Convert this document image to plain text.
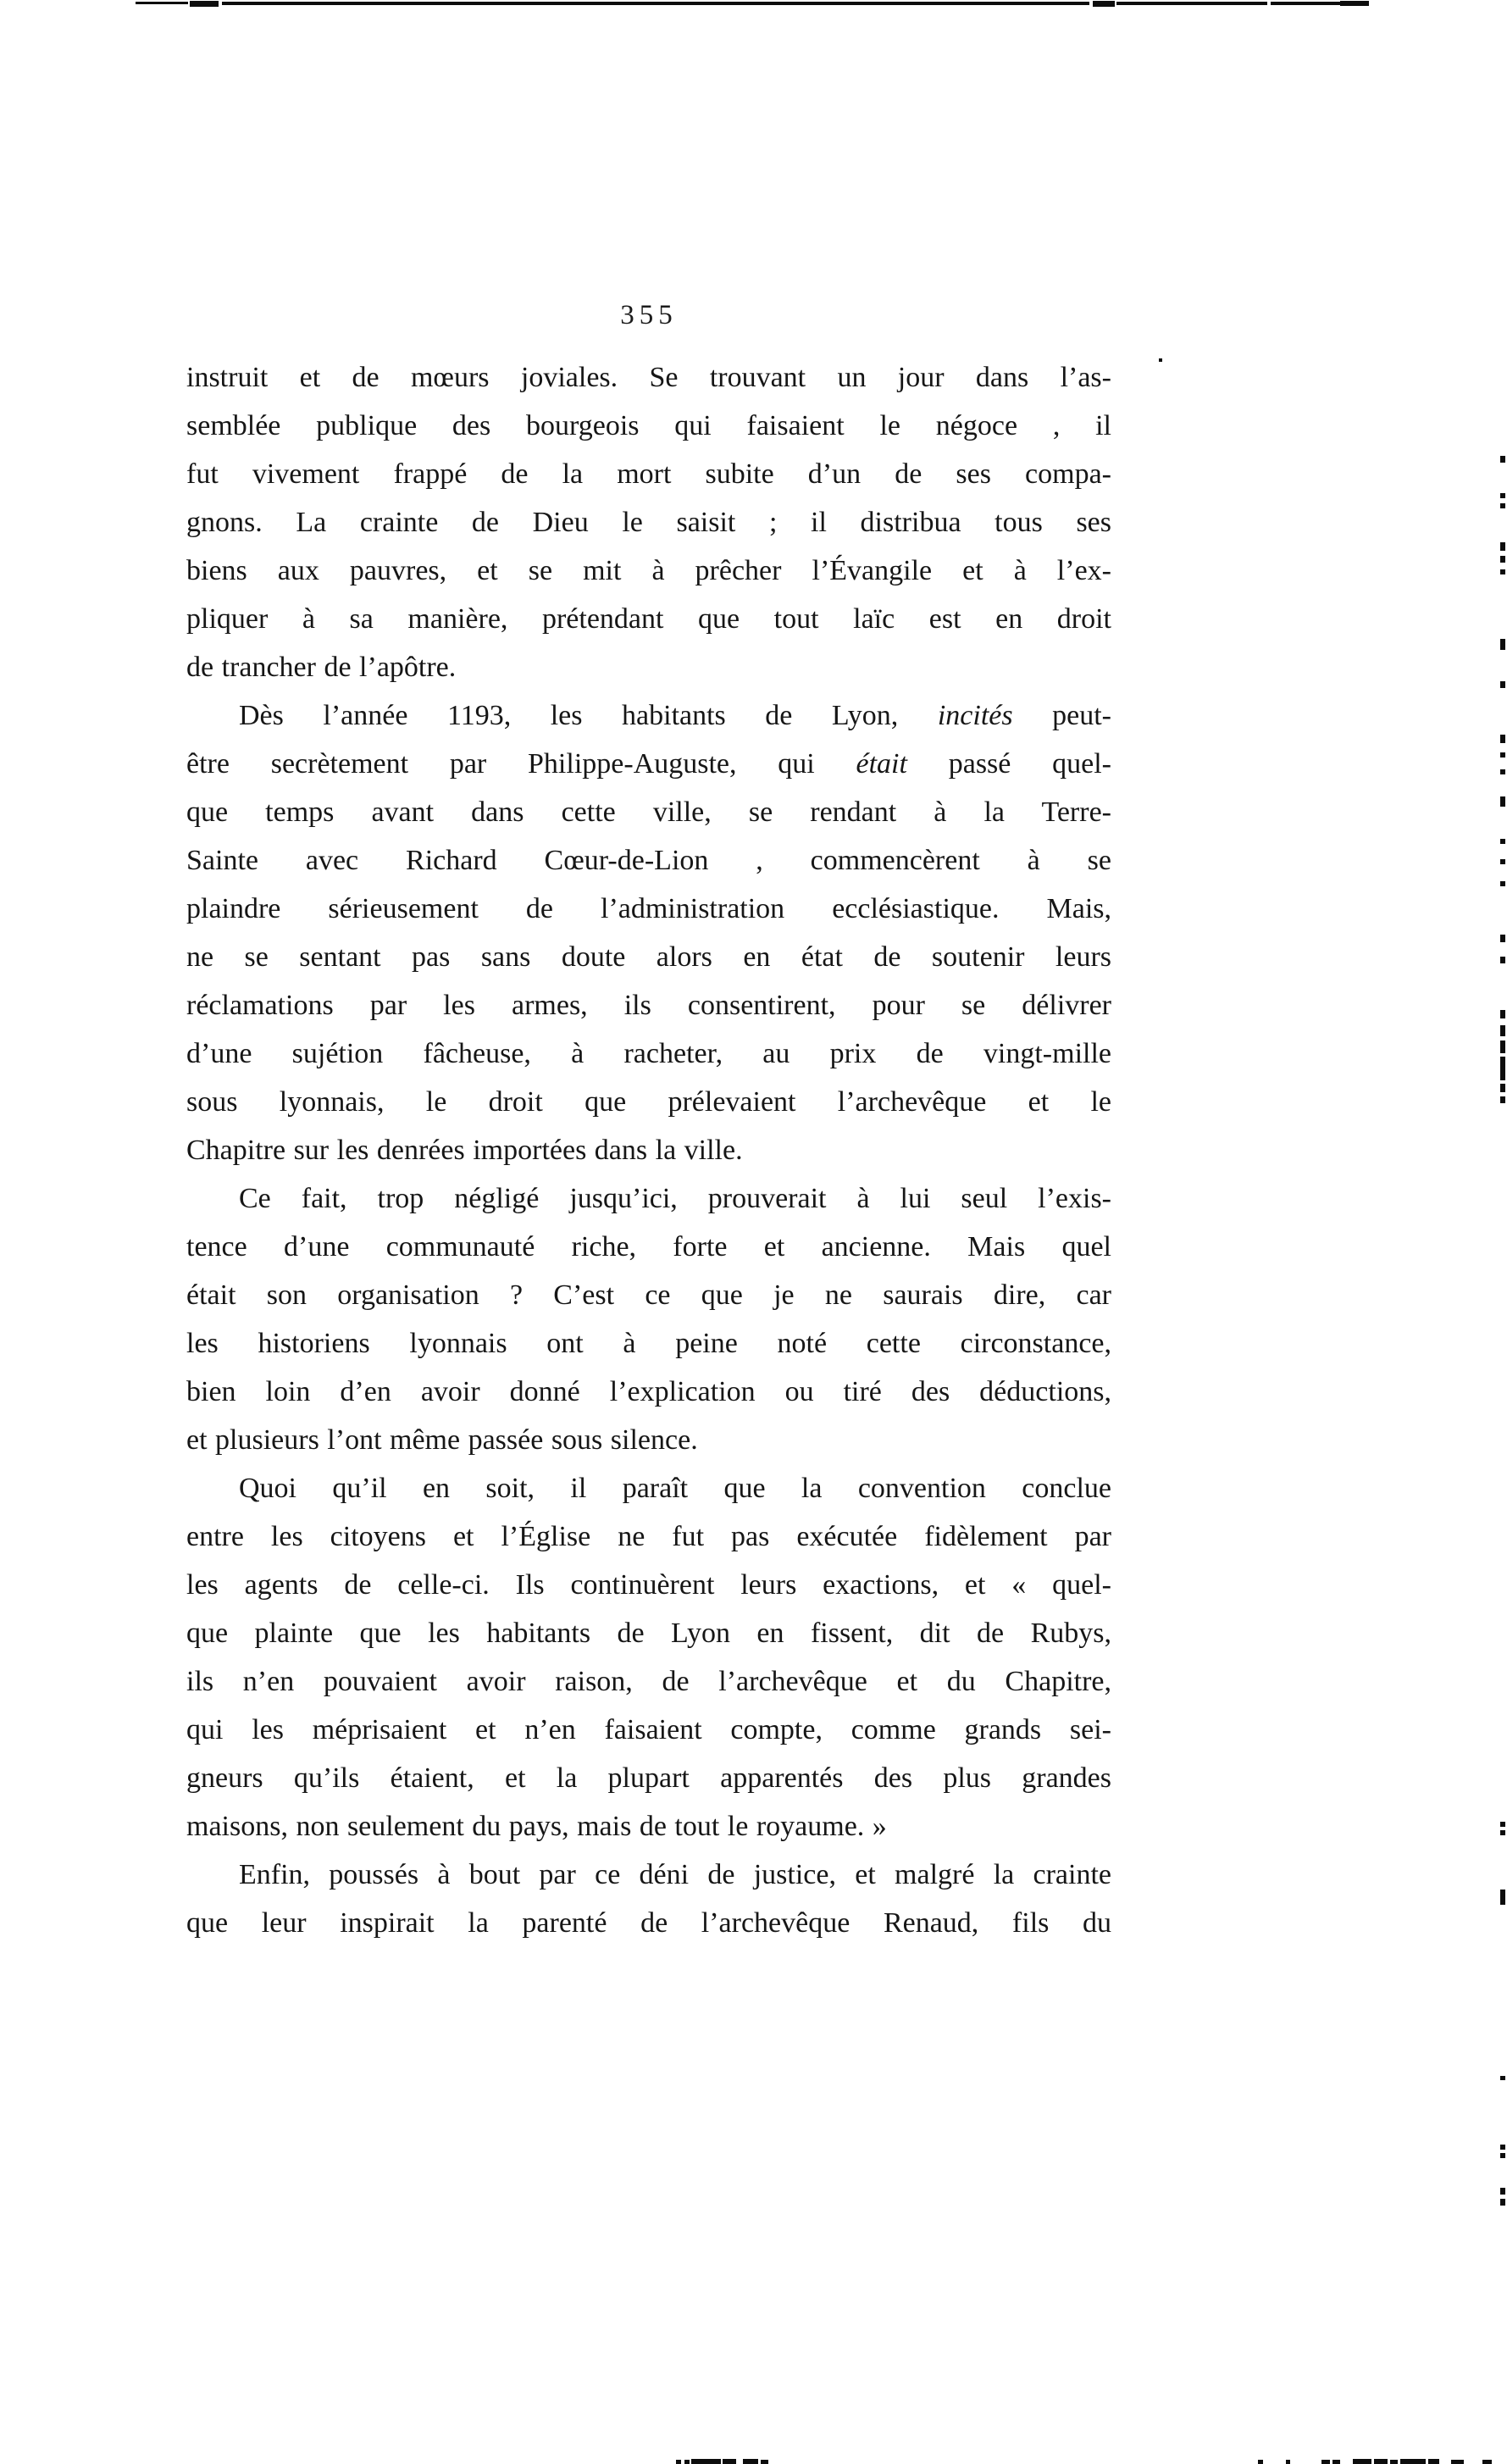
355
instruit et de mœurs joviales. Se trouvant un jour dans l’as-
semblée publique des bourgeois qui faisaient le négoce , il
fut vivement frappé de la mort subite d’un de ses compa-
gnons. La crainte de Dieu le saisit ; il distribua tous ses
biens aux pauvres, et se mit à prêcher l’Évangile et à l’ex-
pliquer à sa manière, prétendant que tout laïc est en droit
de trancher de l’apôtre.
Dès l’année 1193, les habitants de Lyon, incités peut-
être secrètement par Philippe-Auguste, qui était passé quel-
que temps avant dans cette ville, se rendant à la Terre-
Sainte avec Richard Cœur-de-Lion , commencèrent à se
plaindre sérieusement de l’administration ecclésiastique. Mais,
ne se sentant pas sans doute alors en état de soutenir leurs
réclamations par les armes, ils consentirent, pour se délivrer
d’une sujétion fâcheuse, à racheter, au prix de vingt-mille
sous lyonnais, le droit que prélevaient l’archevêque et le
Chapitre sur les denrées importées dans la ville.
Ce fait, trop négligé jusqu’ici, prouverait à lui seul l’exis-
tence d’une communauté riche, forte et ancienne. Mais quel
était son organisation ? C’est ce que je ne saurais dire, car
les historiens lyonnais ont à peine noté cette circonstance,
bien loin d’en avoir donné l’explication ou tiré des déductions,
et plusieurs l’ont même passée sous silence.
Quoi qu’il en soit, il paraît que la convention conclue
entre les citoyens et l’Église ne fut pas exécutée fidèlement par
les agents de celle-ci. Ils continuèrent leurs exactions, et « quel-
que plainte que les habitants de Lyon en fissent, dit de Rubys,
ils n’en pouvaient avoir raison, de l’archevêque et du Chapitre,
qui les méprisaient et n’en faisaient compte, comme grands sei-
gneurs qu’ils étaient, et la plupart apparentés des plus grandes
maisons, non seulement du pays, mais de tout le royaume. »
Enfin, poussés à bout par ce déni de justice, et malgré la crainte
que leur inspirait la parenté de l’archevêque Renaud, fils du
